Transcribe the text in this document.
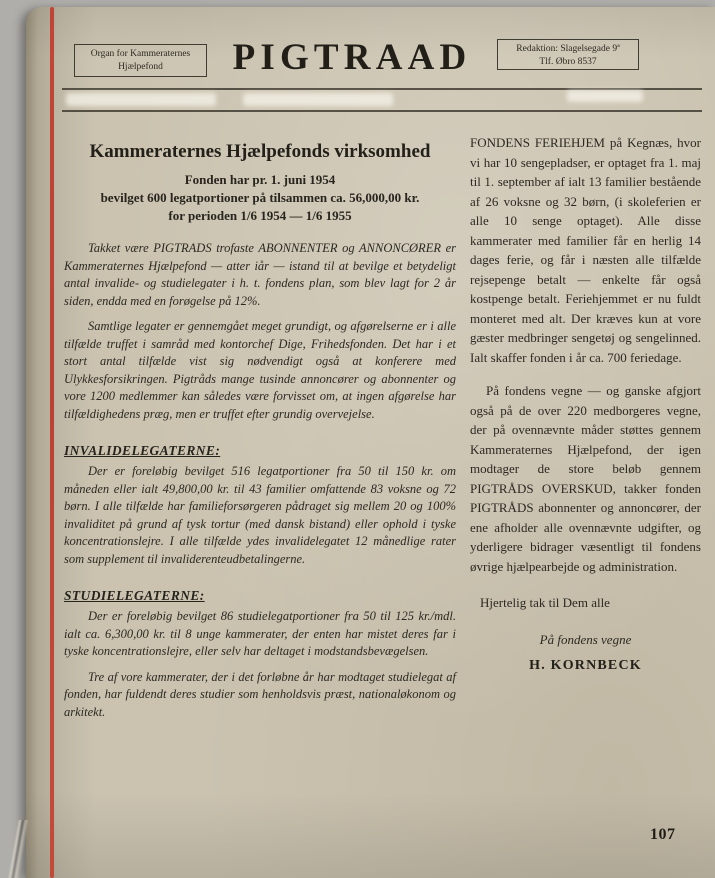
Organ for Kammeraternes
Hjælpefond	PIGTRAAD	Redaktion: Slagelsegade 9ª
Tlf. Øbro 8537
Kammeraternes Hjælpefonds virksomhed
Fonden har pr. 1. juni 1954
bevilget 600 legatportioner på tilsammen ca. 56,000,00 kr.
for perioden 1/6 1954 — 1/6 1955

Takket være PIGTRADS trofaste ABONNENTER og ANNONCØRER er Kammeraternes Hjælpefond — atter iår — istand til at bevilge et betydeligt antal invalide- og studielegater i h. t. fondens plan, som blev lagt for 2 år siden, endda med en forøgelse på 12%.

Samtlige legater er gennemgået meget grundigt, og afgørelserne er i alle tilfælde truffet i samråd med kontorchef Dige, Frihedsfonden. Det har i et stort antal tilfælde vist sig nødvendigt også at konferere med Ulykkesforsikringen. Pigtråds mange tusinde annoncører og abonnenter og vore 1200 medlemmer kan således være forvisset om, at ingen afgørelse har tilfældighedens præg, men er truffet efter grundig overvejelse.

INVALIDELEGATERNE:

Der er foreløbig bevilget 516 legatportioner fra 50 til 150 kr. om måneden eller ialt 49,800,00 kr. til 43 familier omfattende 83 voksne og 72 børn. I alle tilfælde har familieforsørgeren pådraget sig mellem 20 og 100% invaliditet på grund af tysk tortur (med dansk bistand) eller ophold i tyske koncentrationslejre. I alle tilfælde ydes invalidelegatet 12 månedlige rater som supplement til invaliderenteudbetalingerne.

STUDIELEGATERNE:

Der er foreløbig bevilget 86 studielegatportioner fra 50 til 125 kr./mdl. ialt ca. 6,300,00 kr. til 8 unge kammerater, der enten har mistet deres far i tyske koncentrationslejre, eller selv har deltaget i modstandsbevægelsen.

Tre af vore kammerater, der i det forløbne år har modtaget studielegat af fonden, har fuldendt deres studier som henholdsvis præst, nationaløkonom og arkitekt.

FONDENS FERIEHJEM på Kegnæs, hvor vi har 10 sengepladser, er optaget fra 1. maj til 1. september af ialt 13 familier bestående af 26 voksne og 32 børn, (i skoleferien er alle 10 senge optaget). Alle disse kammerater med familier får en herlig 14 dages ferie, og får i næsten alle tilfælde rejsepenge betalt — enkelte får også kostpenge betalt. Feriehjemmet er nu fuldt monteret med alt. Der kræves kun at vore gæster medbringer sengetøj og sengelinned. Ialt skaffer fonden i år ca. 700 feriedage.

På fondens vegne — og ganske afgjort også på de over 220 medborgeres vegne, der på ovennævnte måder støttes gennem Kammeraternes Hjælpefond, der igen modtager de store beløb gennem PIGTRÅDS OVERSKUD, takker fonden PIGTRÅDS abonnenter og annoncører, der ene afholder alle ovennævnte udgifter, og yderligere bidrager væsentligt til fondens øvrige hjælpearbejde og administration.

Hjertelig tak til Dem alle

På fondens vegne

H. KORNBECK

107
